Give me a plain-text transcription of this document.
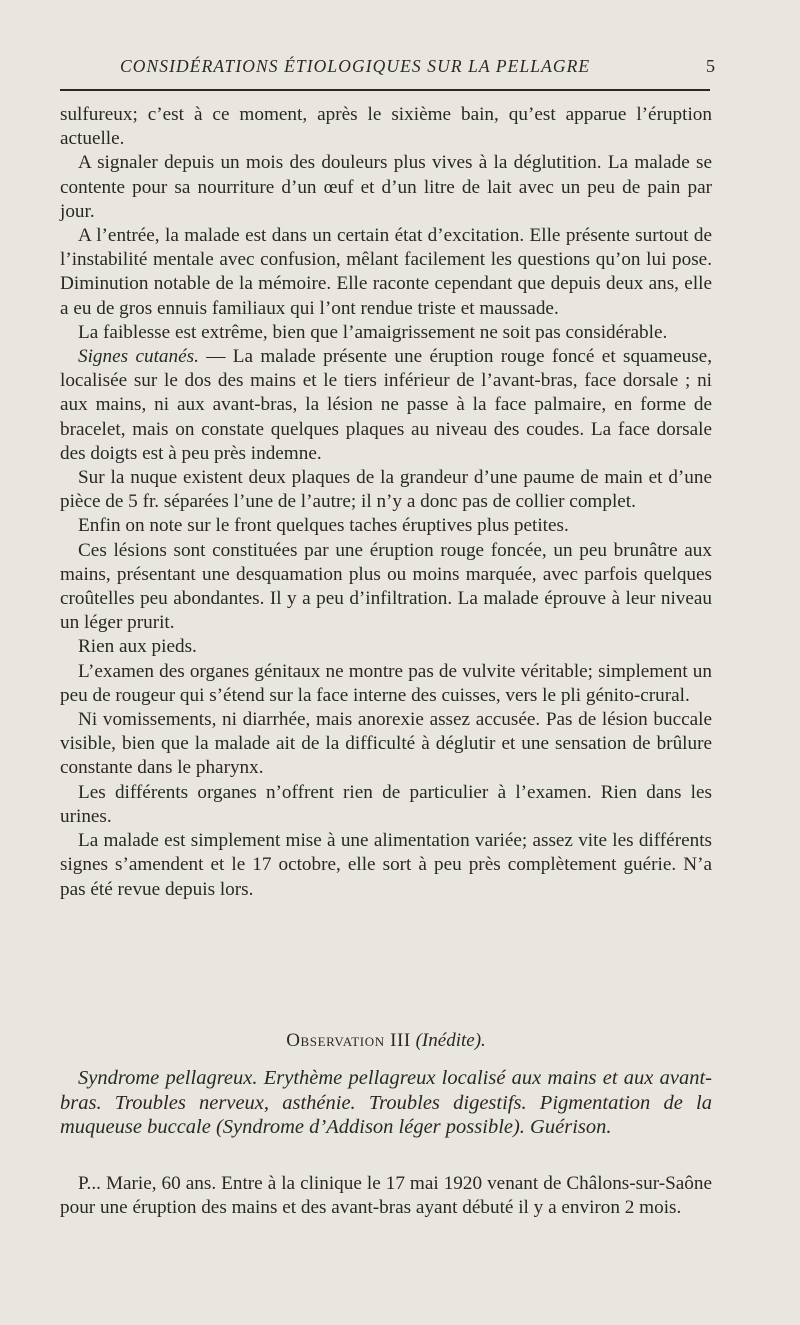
CONSIDÉRATIONS ÉTIOLOGIQUES SUR LA PELLAGRE	5

sulfureux; c’est à ce moment, après le sixième bain, qu’est apparue l’éruption actuelle.

A signaler depuis un mois des douleurs plus vives à la déglutition. La malade se contente pour sa nourriture d’un œuf et d’un litre de lait avec un peu de pain par jour.

A l’entrée, la malade est dans un certain état d’excitation. Elle présente surtout de l’instabilité mentale avec confusion, mêlant facilement les questions qu’on lui pose. Diminution notable de la mémoire. Elle raconte cependant que depuis deux ans, elle a eu de gros ennuis familiaux qui l’ont rendue triste et maussade.

La faiblesse est extrême, bien que l’amaigrissement ne soit pas considérable.

Signes cutanés. — La malade présente une éruption rouge foncé et squameuse, localisée sur le dos des mains et le tiers inférieur de l’avant-bras, face dorsale ; ni aux mains, ni aux avant-bras, la lésion ne passe à la face palmaire, en forme de bracelet, mais on constate quelques plaques au niveau des coudes. La face dorsale des doigts est à peu près indemne.

Sur la nuque existent deux plaques de la grandeur d’une paume de main et d’une pièce de 5 fr. séparées l’une de l’autre; il n’y a donc pas de collier complet.

Enfin on note sur le front quelques taches éruptives plus petites.

Ces lésions sont constituées par une éruption rouge foncée, un peu brunâtre aux mains, présentant une desquamation plus ou moins marquée, avec parfois quelques croûtelles peu abondantes. Il y a peu d’infiltration. La malade éprouve à leur niveau un léger prurit.

Rien aux pieds.

L’examen des organes génitaux ne montre pas de vulvite véritable; simplement un peu de rougeur qui s’étend sur la face interne des cuisses, vers le pli génito-crural.

Ni vomissements, ni diarrhée, mais anorexie assez accusée. Pas de lésion buccale visible, bien que la malade ait de la difficulté à déglutir et une sensation de brûlure constante dans le pharynx.

Les différents organes n’offrent rien de particulier à l’examen. Rien dans les urines.

La malade est simplement mise à une alimentation variée; assez vite les différents signes s’amendent et le 17 octobre, elle sort à peu près complètement guérie. N’a pas été revue depuis lors.

Observation III (Inédite).

Syndrome pellagreux. Erythème pellagreux localisé aux mains et aux avant-bras. Troubles nerveux, asthénie. Troubles digestifs. Pigmentation de la muqueuse buccale (Syndrome d’Addison léger possible). Guérison.

P... Marie, 60 ans. Entre à la clinique le 17 mai 1920 venant de Châlons-sur-Saône pour une éruption des mains et des avant-bras ayant débuté il y a environ 2 mois.
